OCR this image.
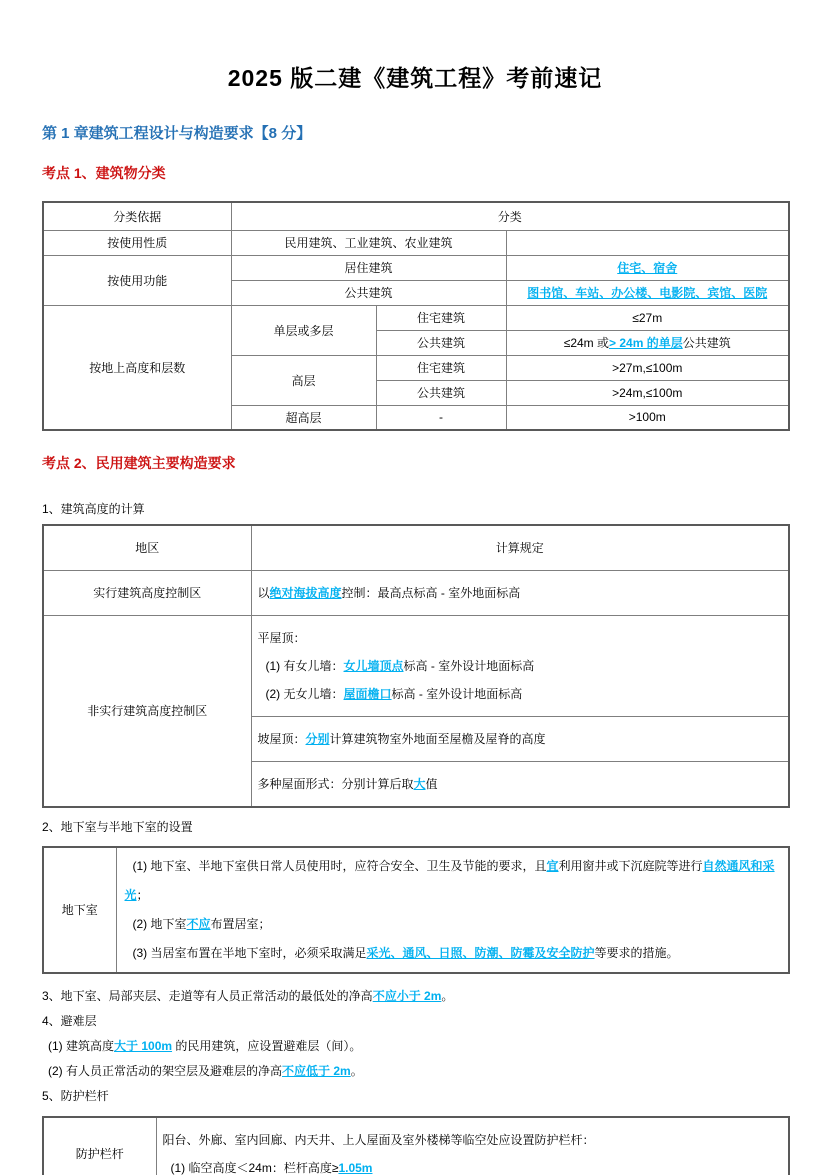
2025 版二建《建筑工程》考前速记
第 1 章建筑工程设计与构造要求【8 分】
考点 1、建筑物分类
分类依据	分类		
按使用性质	民用建筑、工业建筑、农业建筑		
按使用功能	居住建筑		住宅、宿舍
	公共建筑		图书馆、车站、办公楼、电影院、宾馆、医院
按地上高度和层数	单层或多层	住宅建筑	≤27m
		公共建筑	≤24m 或> 24m 的单层公共建筑
	高层	住宅建筑	>27m,≤100m
		公共建筑	>24m,≤100m
	超高层	-	>100m
考点 2、民用建筑主要构造要求

1、建筑高度的计算

地区	计算规定
实行建筑高度控制区	以绝对海拔高度控制：最高点标高 - 室外地面标高

非实行建筑高度控制区	平屋顶：

(1) 有女儿墙：女儿墙顶点标高 - 室外设计地面标高

(2) 无女儿墙：屋面檐口标高 - 室外设计地面标高

	坡屋顶：分别计算建筑物室外地面至屋檐及屋脊的高度

	多种屋面形式：分别计算后取大值

2、地下室与半地下室的设置

地下室	

(1) 地下室、半地下室供日常人员使用时，应符合安全、卫生及节能的要求，且宜利用窗井或下沉庭院等进行自然通风和采光；

(2) 地下室不应布置居室；

(3) 当居室布置在半地下室时，必须采取满足采光、通风、日照、防潮、防霉及安全防护等要求的措施。

3、地下室、局部夹层、走道等有人员正常活动的最低处的净高不应小于 2m。

4、避难层

(1) 建筑高度大于 100m 的民用建筑，应设置避难层（间）。

(2) 有人员正常活动的架空层及避难层的净高不应低于 2m。

5、防护栏杆

防护栏杆	

阳台、外廊、室内回廊、内天井、上人屋面及室外楼梯等临空处应设置防护栏杆：

(1) 临空高度＜24m：栏杆高度≥1.05m
